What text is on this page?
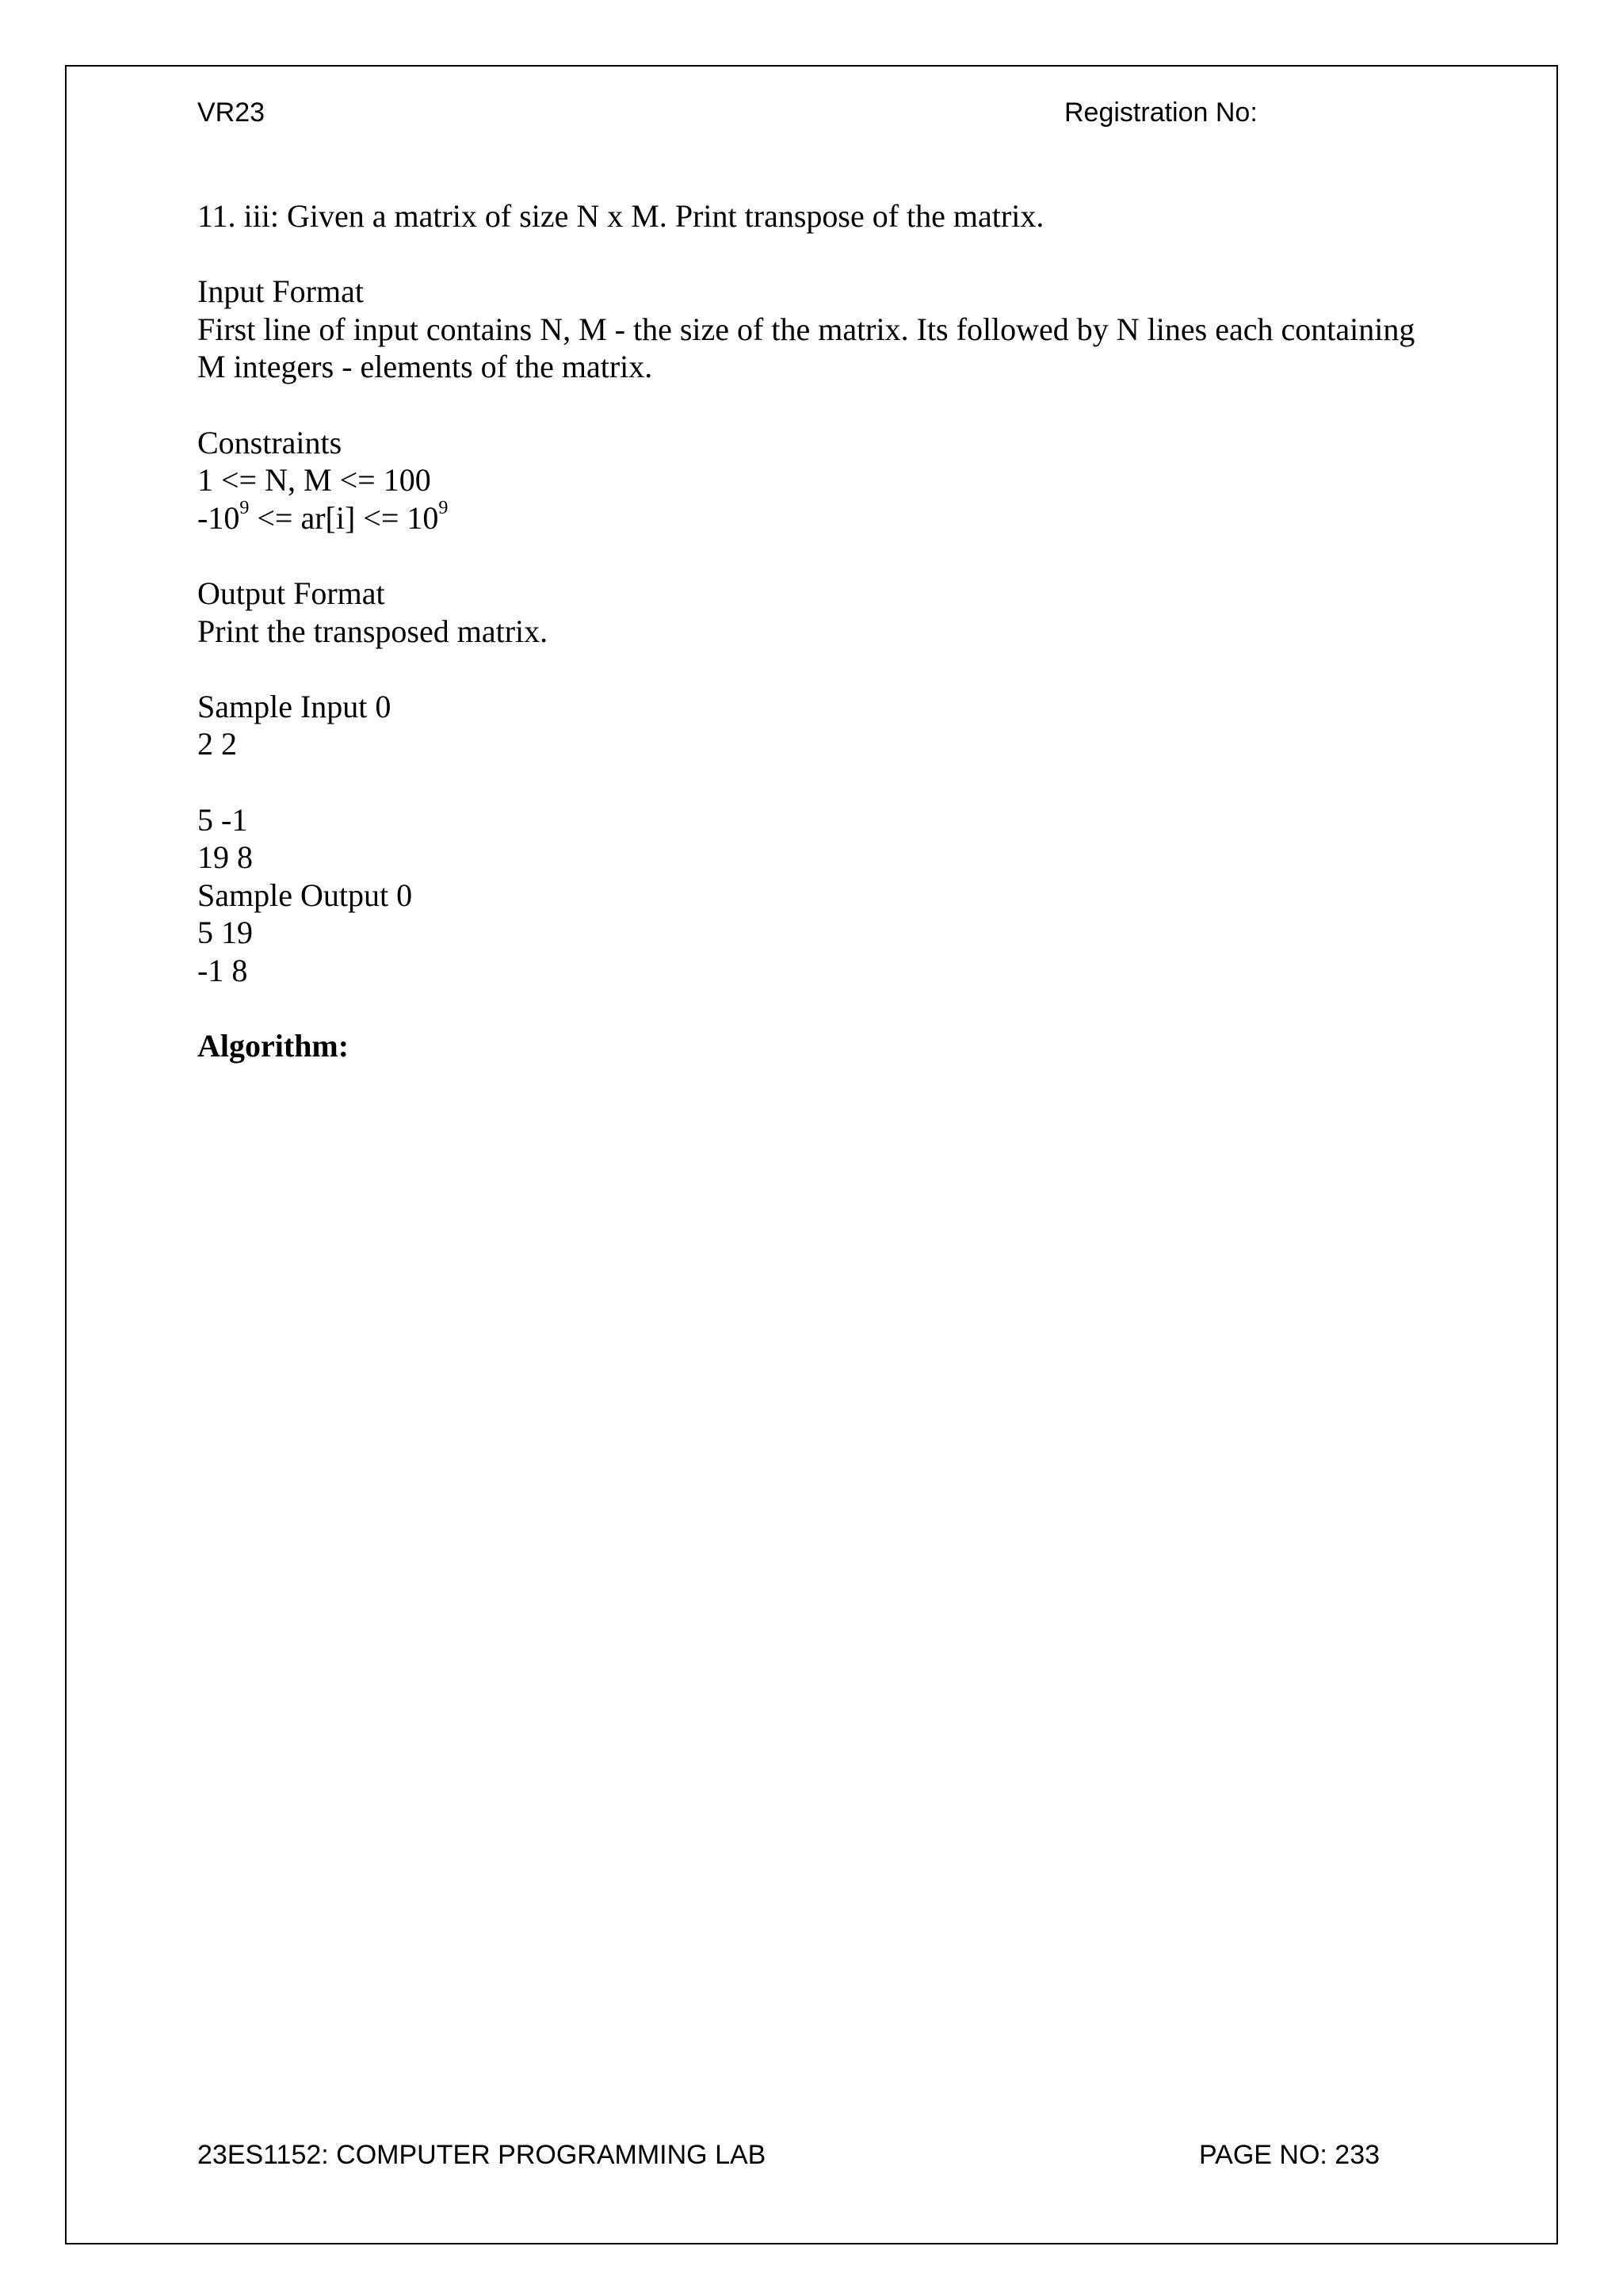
VR23	Registration No:
11. iii: Given a matrix of size N x M. Print transpose of the matrix.
Input Format
First line of input contains N, M - the size of the matrix. Its followed by N lines each containing
M integers - elements of the matrix.
Constraints
1 <= N, M <= 100
$-10^9 <= ar[i] <= 10^9$
Output Format
Print the transposed matrix.
Sample Input 0
2 2
5 -1
19 8
Sample Output 0
5 19
-1 8
Algorithm:
23ES1152: COMPUTER PROGRAMMING LAB	PAGE NO: 233
